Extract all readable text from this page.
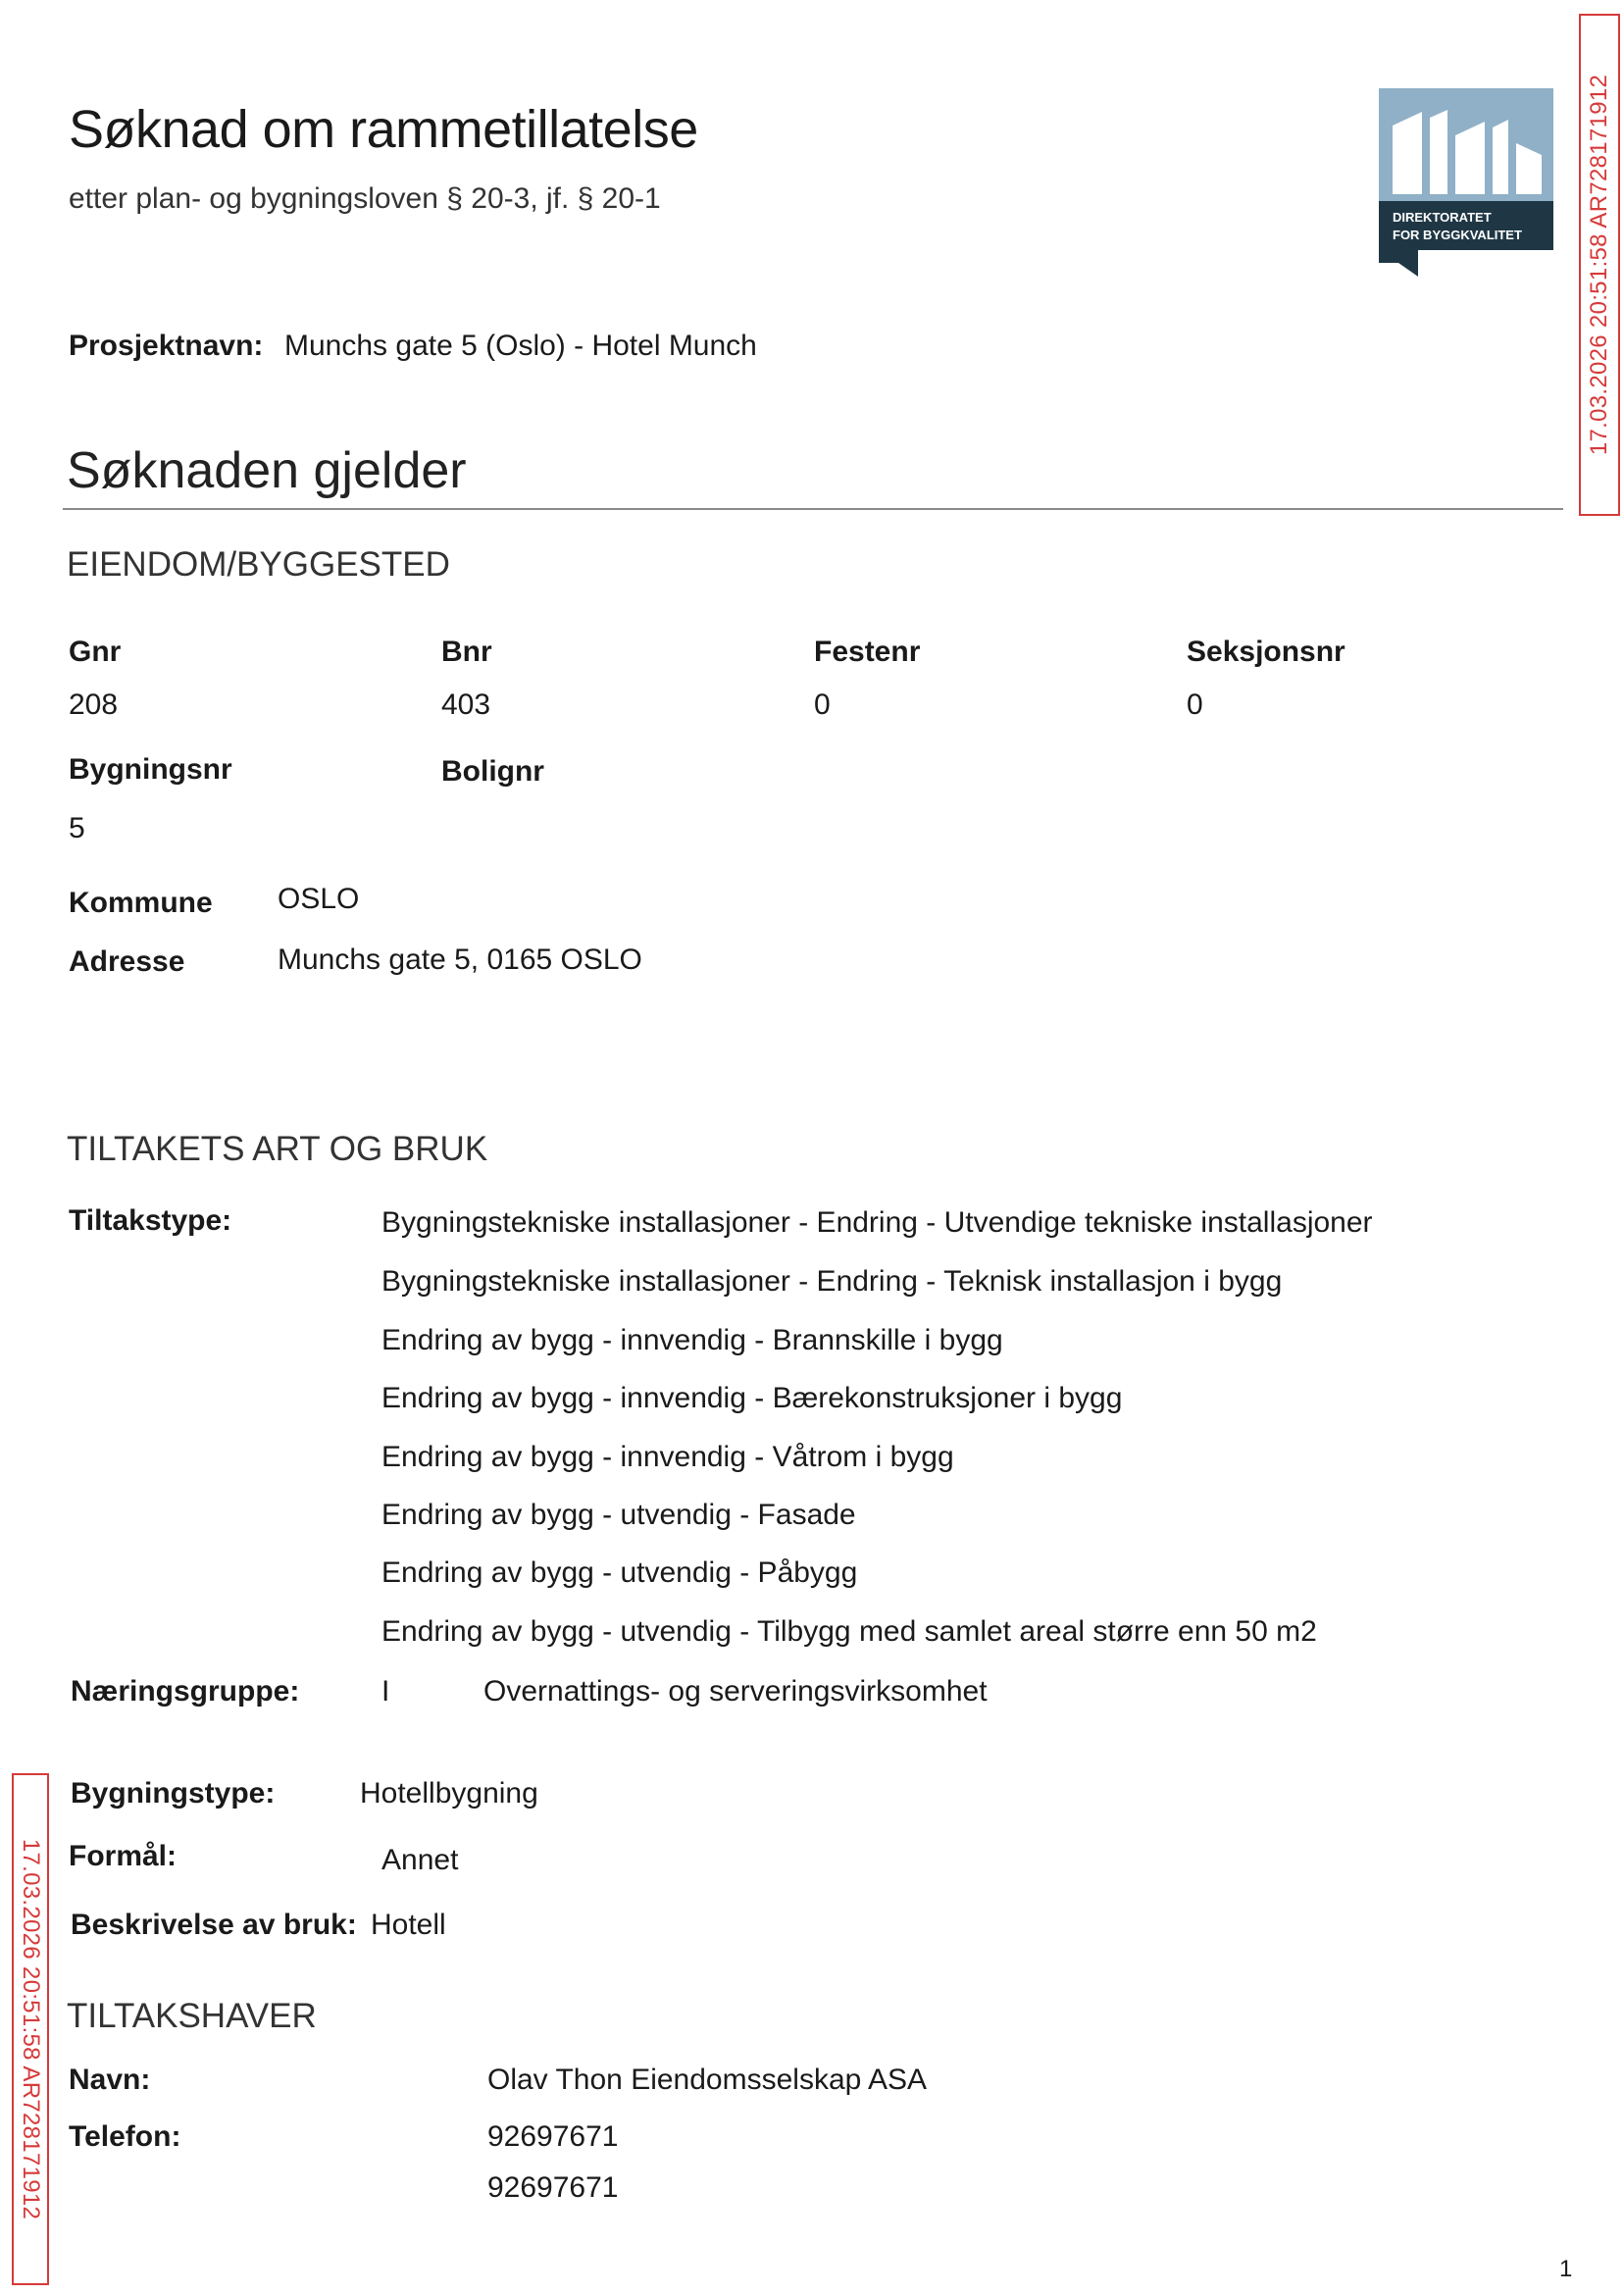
Søknad om rammetillatelse
etter plan- og bygningsloven § 20-3, jf. § 20-1
DIREKTORATET
FOR BYGGKVALITET	17.03.2026 20:51:58 AR728171912
17.03.2026 20:51:58 AR728171912
Prosjektnavn: Munchs gate 5 (Oslo) - Hotel Munch
Søknaden gjelder
EIENDOM/BYGGESTED
Gnr	Bnr	Festenr	Seksjonsnr
208	403	0	0
Bygningsnr	Bolignr
5
Kommune OSLO
Adresse	Munchs gate 5, 0165 OSLO
TILTAKETS ART OG BRUK
Tiltakstype:	Bygningstekniske installasjoner - Endring - Utvendige tekniske installasjoner
Bygningstekniske installasjoner - Endring - Teknisk installasjon i bygg
Endring av bygg - innvendig - Brannskille i bygg
Endring av bygg - innvendig - Bærekonstruksjoner i bygg
Endring av bygg - innvendig - Våtrom i bygg
Endring av bygg - utvendig - Fasade
Endring av bygg - utvendig - Påbygg
Endring av bygg - utvendig - Tilbygg med samlet areal større enn 50 m2
Næringsgruppe:	I	Overnattings- og serveringsvirksomhet
Bygningstype:	Hotellbygning
Formål:	Annet
Beskrivelse av bruk: Hotell
TILTAKSHAVER
Navn:	Olav Thon Eiendomsselskap ASA
Telefon:	92697671
92697671
1
